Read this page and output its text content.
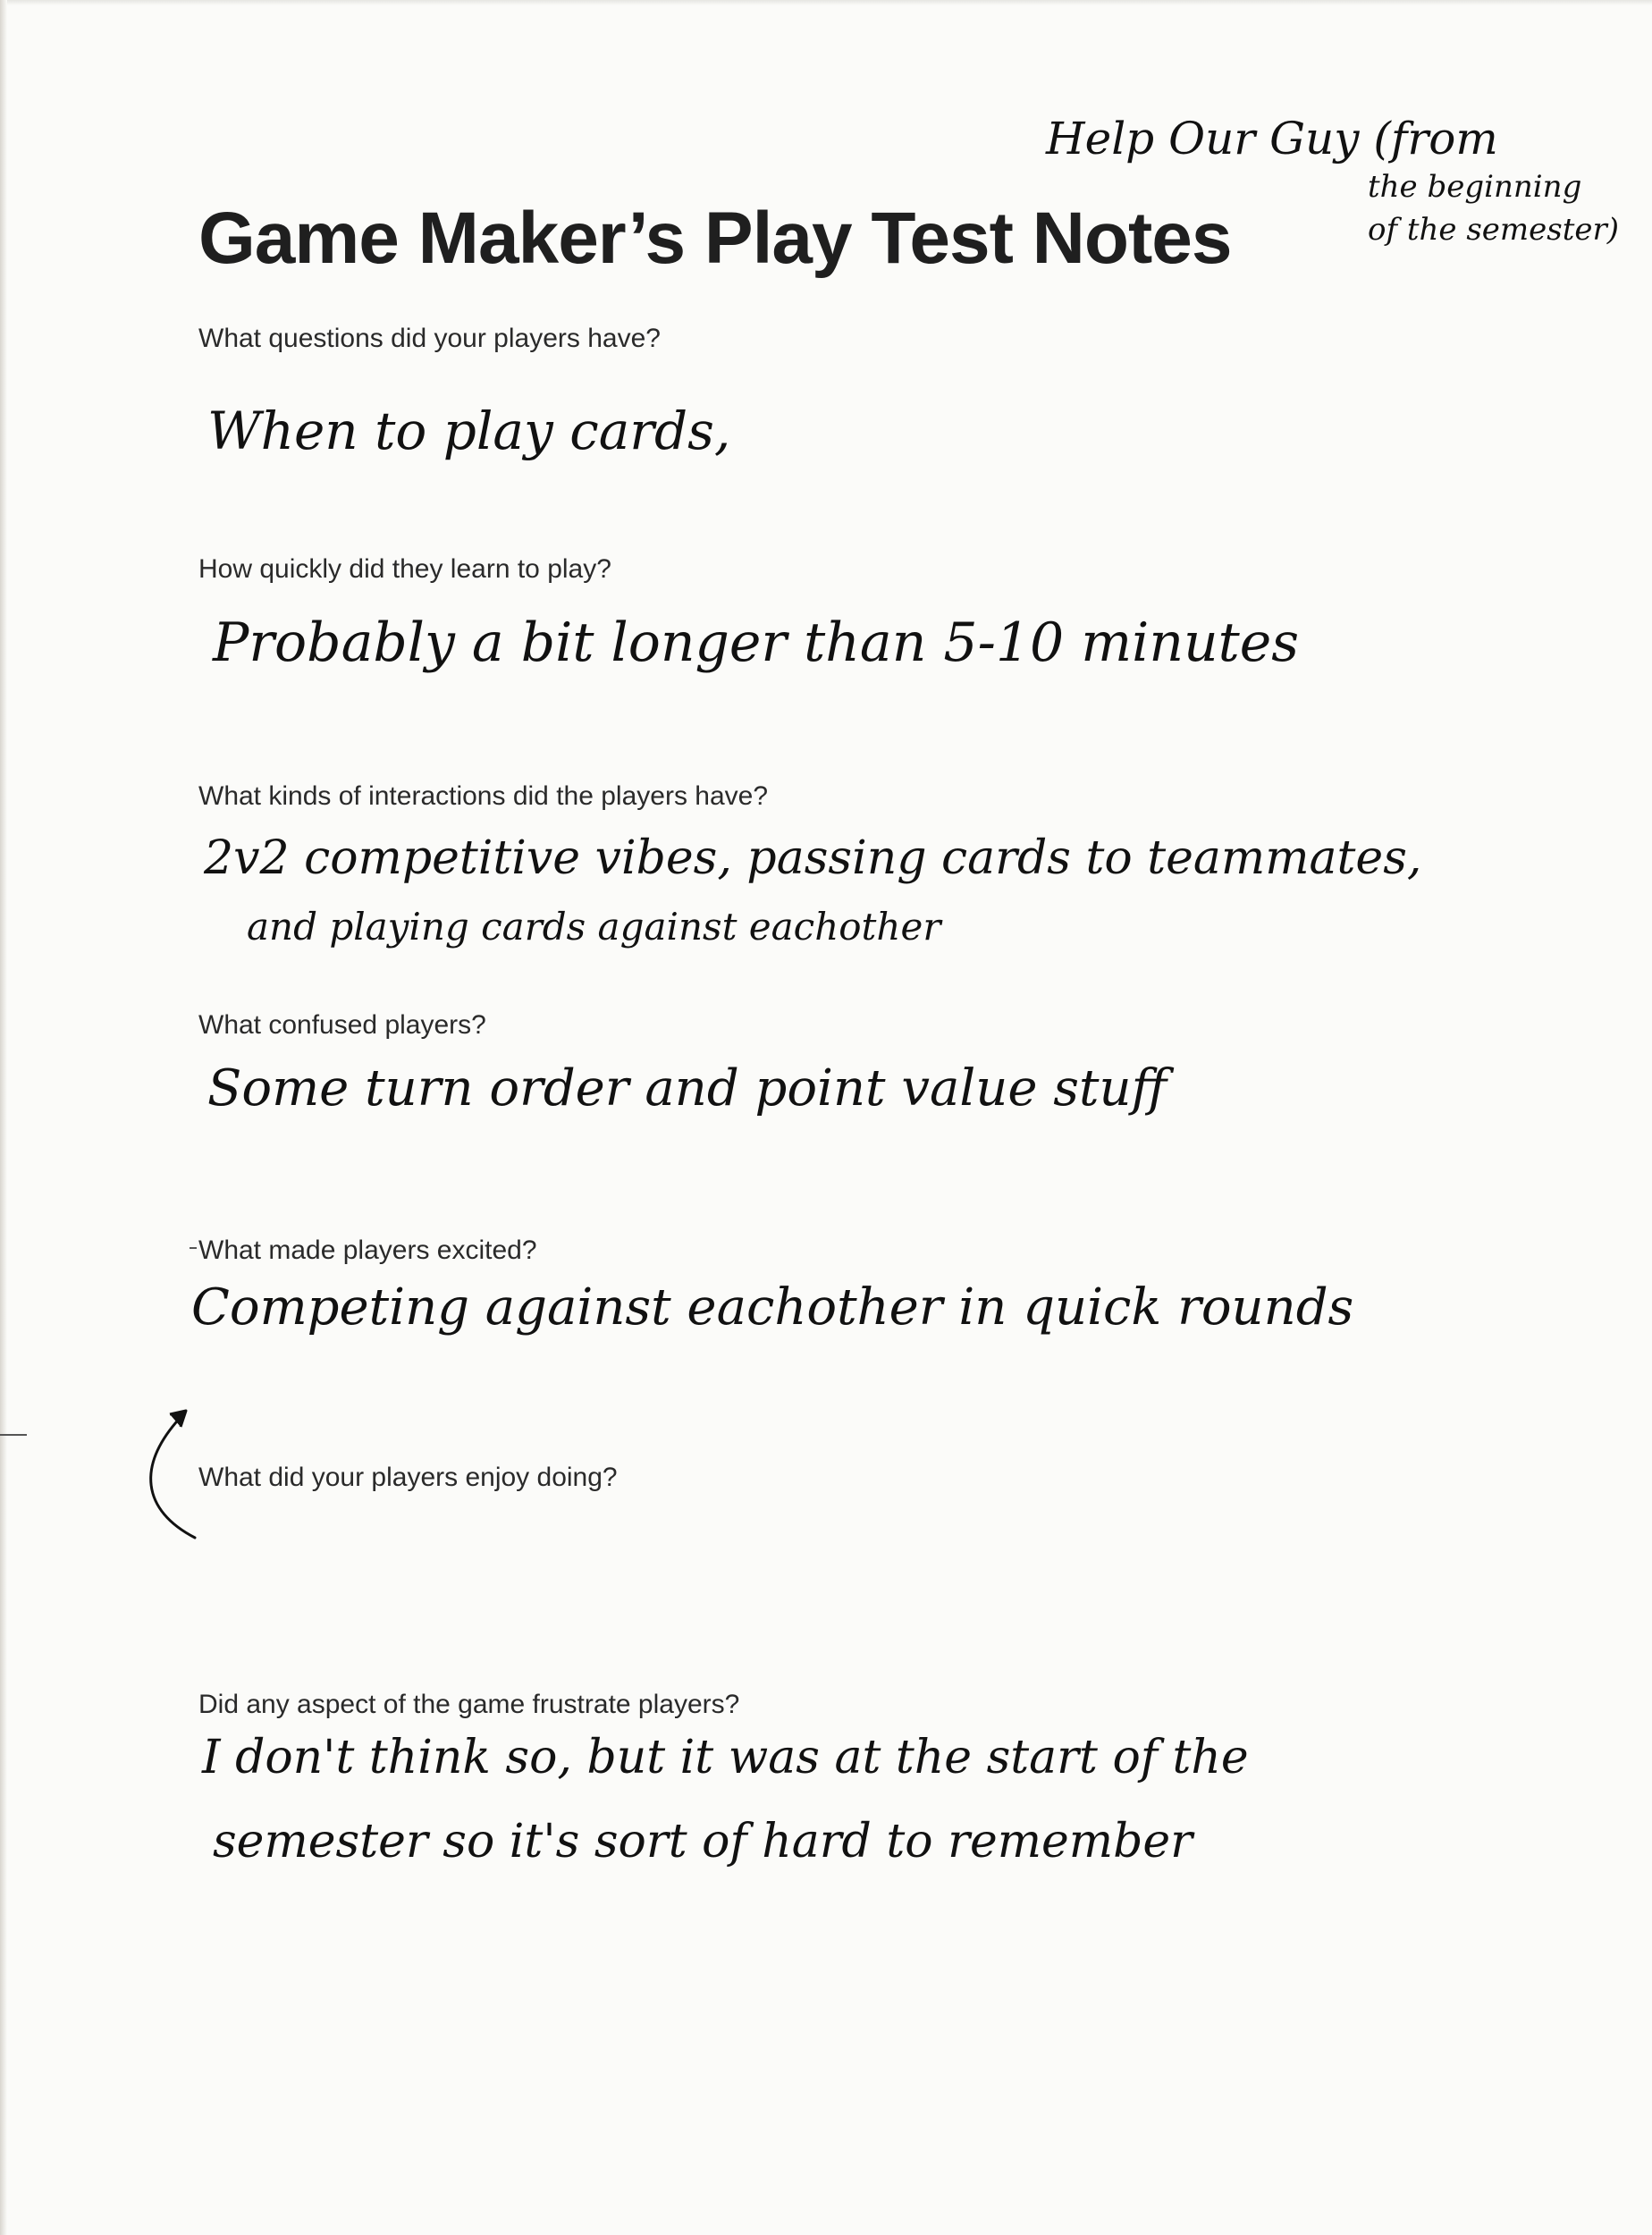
Help Our Guy (from
the beginning
of the semester)
Game Maker’s Play Test Notes

What questions did your players have?

When to play cards,

How quickly did they learn to play?

Probably a bit longer than 5-10 minutes

What kinds of interactions did the players have?

2v2 competitive vibes, passing cards to teammates,

and playing cards against eachother

What confused players?

Some turn order and point value stuff

What made players excited?

Competing against eachother in quick rounds

What did your players enjoy doing?

Did any aspect of the game frustrate players?

I don't think so, but it was at the start of the

semester so it's sort of hard to remember
